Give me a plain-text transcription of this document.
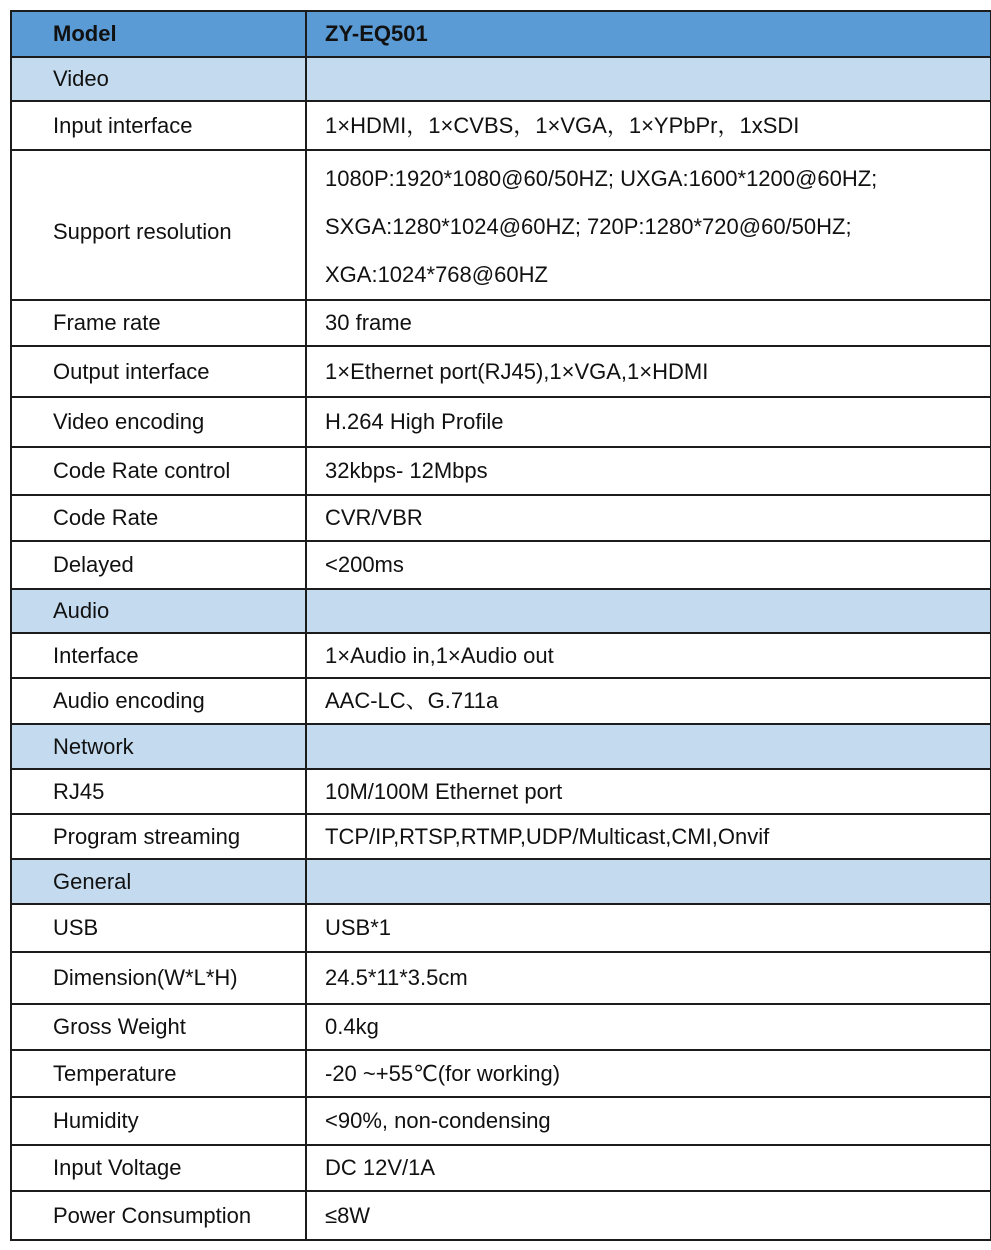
Model	ZY-EQ501

Video	

Input interface	1×HDMI，1×CVBS，1×VGA，1×YPbPr，1xSDI

Support resolution	1080P:1920*1080@60/50HZ; UXGA:1600*1200@60HZ;
SXGA:1280*1024@60HZ; 720P:1280*720@60/50HZ;
XGA:1024*768@60HZ

Frame rate	30 frame

Output interface	1×Ethernet port(RJ45),1×VGA,1×HDMI

Video encoding	H.264 High Profile

Code Rate control	32kbps- 12Mbps

Code Rate	CVR/VBR

Delayed	<200ms

Audio	

Interface	1×Audio in,1×Audio out

Audio encoding	AAC-LC、G.711a

Network	

RJ45	10M/100M Ethernet port

Program streaming	TCP/IP,RTSP,RTMP,UDP/Multicast,CMI,Onvif

General	

USB	USB*1

Dimension(W*L*H)	24.5*11*3.5cm

Gross Weight	0.4kg

Temperature	-20 ~+55℃(for working)

Humidity	<90%, non-condensing

Input Voltage	DC 12V/1A

Power Consumption	≤8W
